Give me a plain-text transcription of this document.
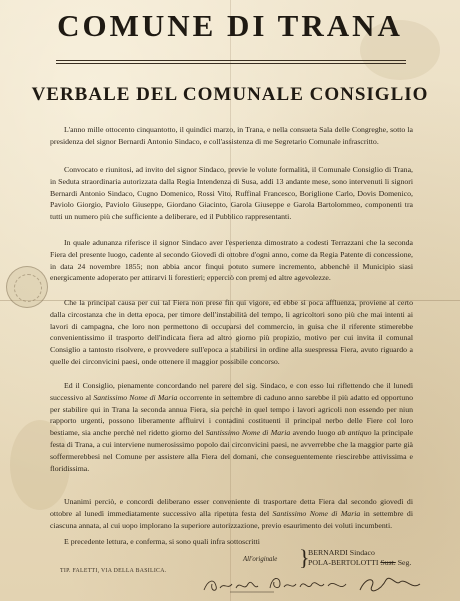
COMUNE DI TRANA
VERBALE DEL COMUNALE CONSIGLIO
L'anno mille ottocento cinquantotto, il quindici marzo, in Trana, e nella consueta Sala delle Congreghe, sotto la presidenza del signor Bernardi Antonio Sindaco, e coll'assistenza di me Segretario Comunale infrascritto.
Convocato e riunitosi, ad invito del signor Sindaco, previe le volute formalità, il Comunale Consiglio di Trana, in Seduta straordinaria autorizzata dalla Regia Intendenza di Susa, addì 13 andante mese, sono intervenuti li signori Bernardi Antonio Sindaco, Cugno Domenico, Rossi Vito, Ruffinal Francesco, Boriglione Carlo, Dovis Domenico, Paviolo Giorgio, Paviolo Giuseppe, Giordano Giacinto, Garola Giuseppe e Garola Bartolommeo, componenti tra tutti un numero più che sufficiente a deliberare, ed il Pubblico rappresentanti.
In quale adunanza riferisce il signor Sindaco aver l'esperienza dimostrato a codesti Terrazzani che la seconda Fiera del presente luogo, cadente al secondo Giovedì di ottobre d'ogni anno, come da Regia Patente di concessione, in data 24 novembre 1855; non abbia ancor finqui potuto sumere incremento, abbenchè il Municipio siasi energicamente adoperato per attirarvi li forestieri; epperciò con premj ed altre agevolezze.
Che la principal causa per cui tal Fiera non prese fin qui vigore, ed ebbe sì poca affluenza, proviene al certo dalla circostanza che in detta epoca, per timore dell'instabilità del tempo, li agricoltori sono più che mai intenti ai lavori di campagna, che loro non permettono di occuparsi del commercio, in guisa che il riferente stimerebbe convenientissimo il trasporto dell'indicata fiera ad altro giorno più propizio, motivo per cui invita il comunal Consiglio a tantosto risolvere, e provvedere sull'epoca a stabilirsi in ordine alla suespressa Fiera, avuto riguardo a quelle dei circonvicini paesi, onde ottenere il maggior possibile concorso.
Ed il Consiglio, pienamente concordando nel parere del sig. Sindaco, e con esso lui riflettendo che il lunedì successivo al Santissimo Nome di Maria occorrente in settembre di caduno anno sarebbe il più adatto ed opportuno per stabilire qui in Trana la seconda annua Fiera, sia perchè in quel tempo i lavori agricoli non essendo per niun rapporto urgenti, possono liberamente affluirvi i contadini costituenti il principal nerbo delle Fiere col loro bestiame, sia anche perchè nel ridetto giorno del Santissimo Nome di Maria avendo luogo ab antiquo la principale festa di Trana, a cui interviene numerosissimo popolo dai circonvicini paesi, ne avverrebbe che la maggior parte già soffermerebbesi nel Comune per assistere alla Fiera del domani, che conseguentemente riescirebbe attivissima e floridissima.
Unanimi perciò, e concordi deliberano esser conveniente di trasportare detta Fiera dal secondo giovedì di ottobre al lunedì immediatamente successivo alla ripetuta festa del Santissimo Nome di Maria in settembre di ciascuna annata, al cui uopo implorano la superiore autorizzazione, previo esaurimento dei voluti incumbenti.
E precedente lettura, e conferma, si sono quali infra sottoscritti
TIP. FALETTI, VIA DELLA BASILICA.
All'originale }
BERNARDI Sindaco
POLA-BERTOLOTTI Sust. Seg.
